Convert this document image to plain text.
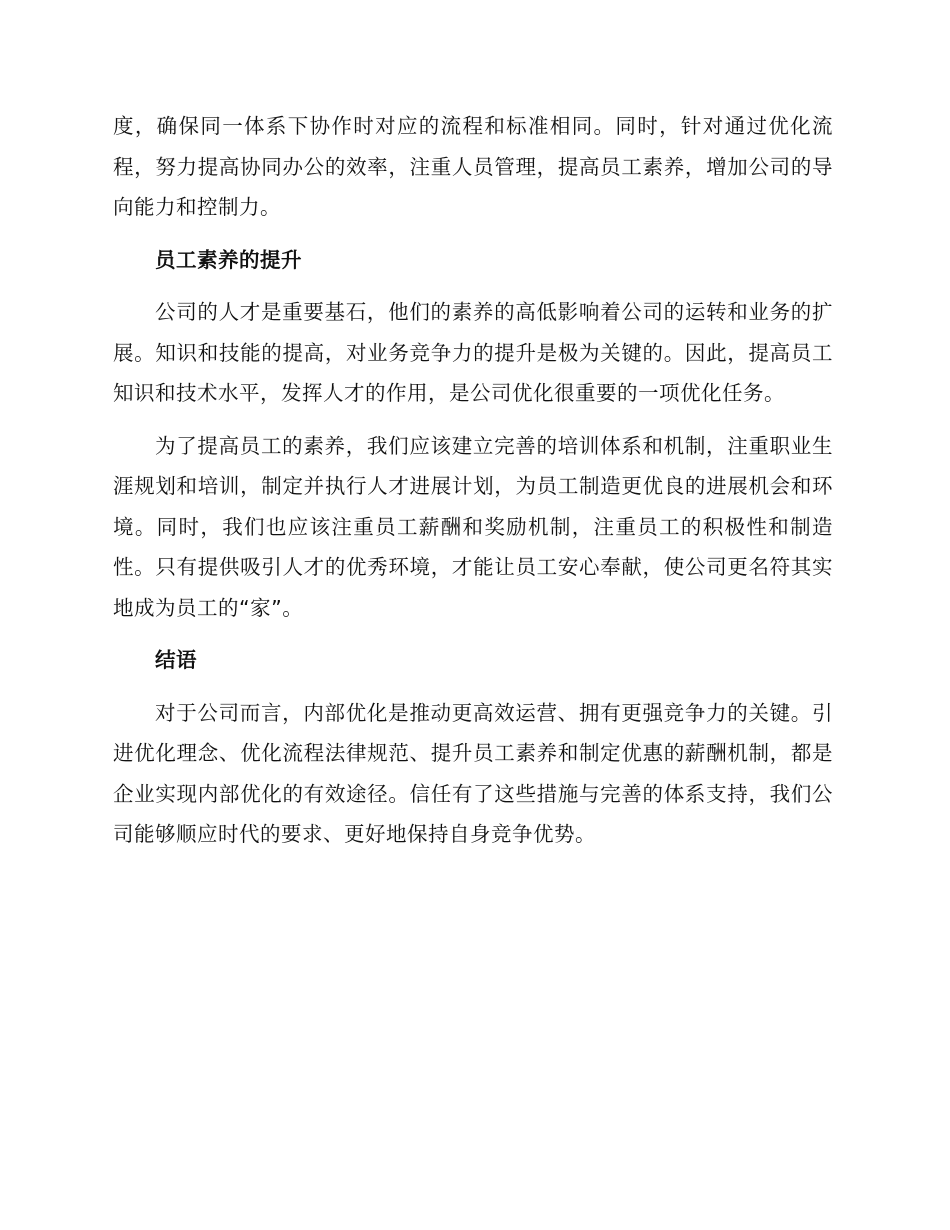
度，确保同一体系下协作时对应的流程和标准相同。同时，针对通过优化流程，努力提高协同办公的效率，注重人员管理，提高员工素养，增加公司的导向能力和控制力。

员工素养的提升

公司的人才是重要基石，他们的素养的高低影响着公司的运转和业务的扩展。知识和技能的提高，对业务竞争力的提升是极为关键的。因此，提高员工知识和技术水平，发挥人才的作用，是公司优化很重要的一项优化任务。

为了提高员工的素养，我们应该建立完善的培训体系和机制，注重职业生涯规划和培训，制定并执行人才进展计划，为员工制造更优良的进展机会和环境。同时，我们也应该注重员工薪酬和奖励机制，注重员工的积极性和制造性。只有提供吸引人才的优秀环境，才能让员工安心奉献，使公司更名符其实地成为员工的“家”。

结语

对于公司而言，内部优化是推动更高效运营、拥有更强竞争力的关键。引进优化理念、优化流程法律规范、提升员工素养和制定优惠的薪酬机制，都是企业实现内部优化的有效途径。信任有了这些措施与完善的体系支持，我们公司能够顺应时代的要求、更好地保持自身竞争优势。
